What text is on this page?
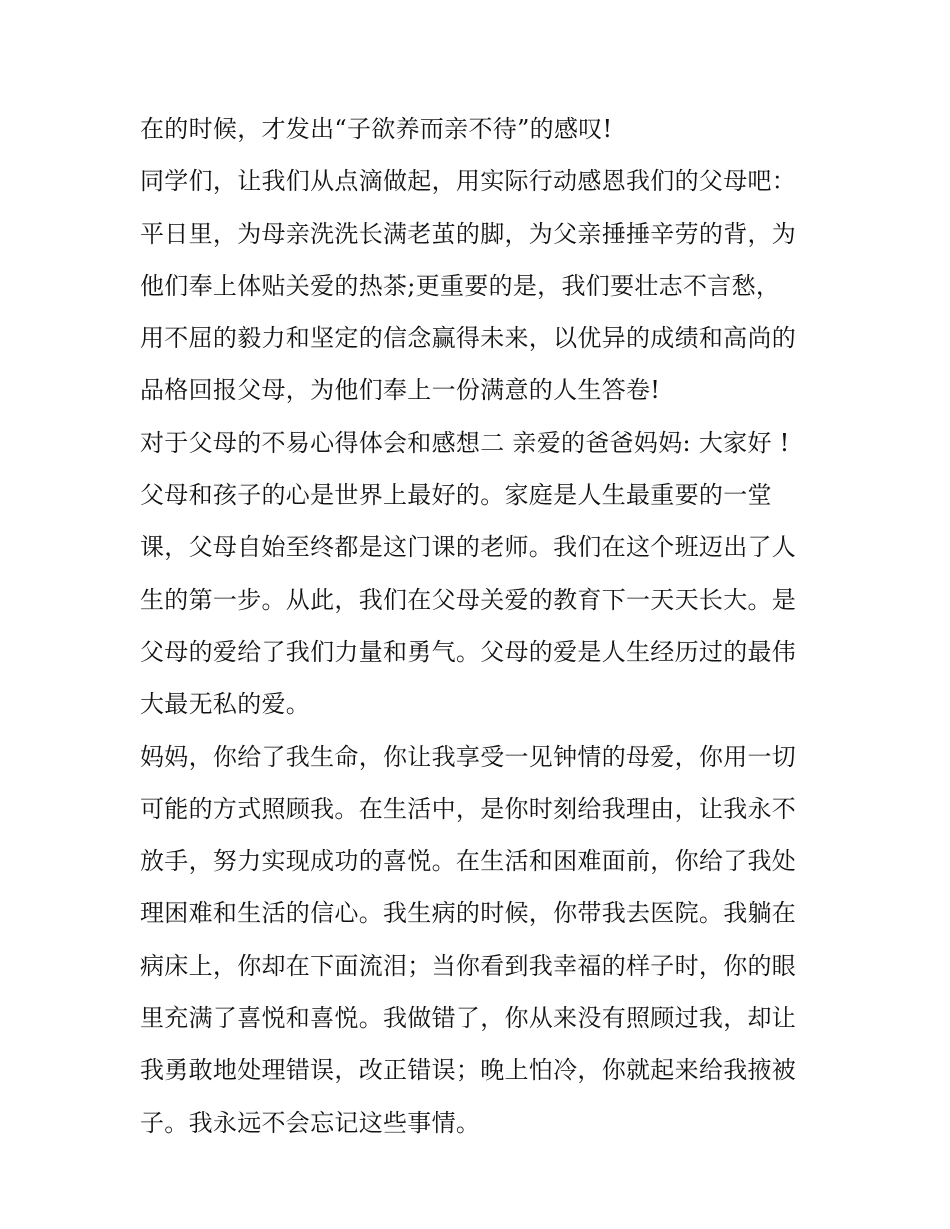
在的时候，才发出“子欲养而亲不待”的感叹!
同学们，让我们从点滴做起，用实际行动感恩我们的父母吧：
平日里，为母亲洗洗长满老茧的脚，为父亲捶捶辛劳的背，为
他们奉上体贴关爱的热茶;更重要的是，我们要壮志不言愁，
用不屈的毅力和坚定的信念赢得未来，以优异的成绩和高尚的
品格回报父母，为他们奉上一份满意的人生答卷!
对于父母的不易心得体会和感想二 亲爱的爸爸妈妈: 大家好 !
父母和孩子的心是世界上最好的。家庭是人生最重要的一堂
课，父母自始至终都是这门课的老师。我们在这个班迈出了人
生的第一步。从此，我们在父母关爱的教育下一天天长大。是
父母的爱给了我们力量和勇气。父母的爱是人生经历过的最伟
大最无私的爱。
妈妈，你给了我生命，你让我享受一见钟情的母爱，你用一切
可能的方式照顾我。在生活中，是你时刻给我理由，让我永不
放手，努力实现成功的喜悦。在生活和困难面前，你给了我处
理困难和生活的信心。我生病的时候，你带我去医院。我躺在
病床上，你却在下面流泪；当你看到我幸福的样子时，你的眼
里充满了喜悦和喜悦。我做错了，你从来没有照顾过我，却让
我勇敢地处理错误，改正错误；晚上怕冷，你就起来给我掖被
子。我永远不会忘记这些事情。
